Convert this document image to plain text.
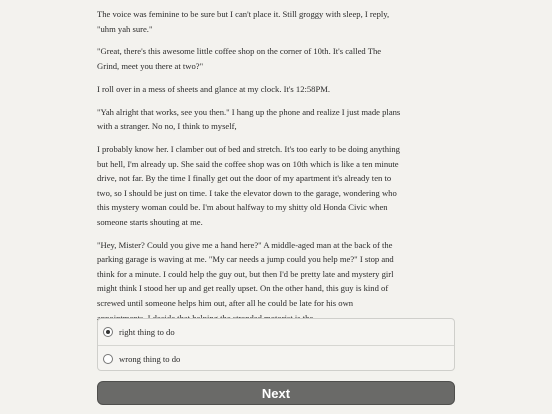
The voice was feminine to be sure but I can't place it. Still groggy with sleep, I reply,
"uhm yah sure."

"Great, there's this awesome little coffee shop on the corner of 10th. It's called The
Grind, meet you there at two?"

I roll over in a mess of sheets and glance at my clock. It's 12:58PM.

"Yah alright that works, see you then." I hang up the phone and realize I just made plans
with a stranger. No no, I think to myself,

I probably know her. I clamber out of bed and stretch. It's too early to be doing anything
but hell, I'm already up. She said the coffee shop was on 10th which is like a ten minute
drive, not far. By the time I finally get out the door of my apartment it's already ten to
two, so I should be just on time. I take the elevator down to the garage, wondering who
this mystery woman could be. I'm about halfway to my shitty old Honda Civic when
someone starts shouting at me.

"Hey, Mister? Could you give me a hand here?" A middle-aged man at the back of the
parking garage is waving at me. "My car needs a jump could you help me?" I stop and
think for a minute. I could help the guy out, but then I'd be pretty late and mystery girl
might think I stood her up and get really upset. On the other hand, this guy is kind of
screwed until someone helps him out, after all he could be late for his own

right thing to do
wrong thing to do
Next
